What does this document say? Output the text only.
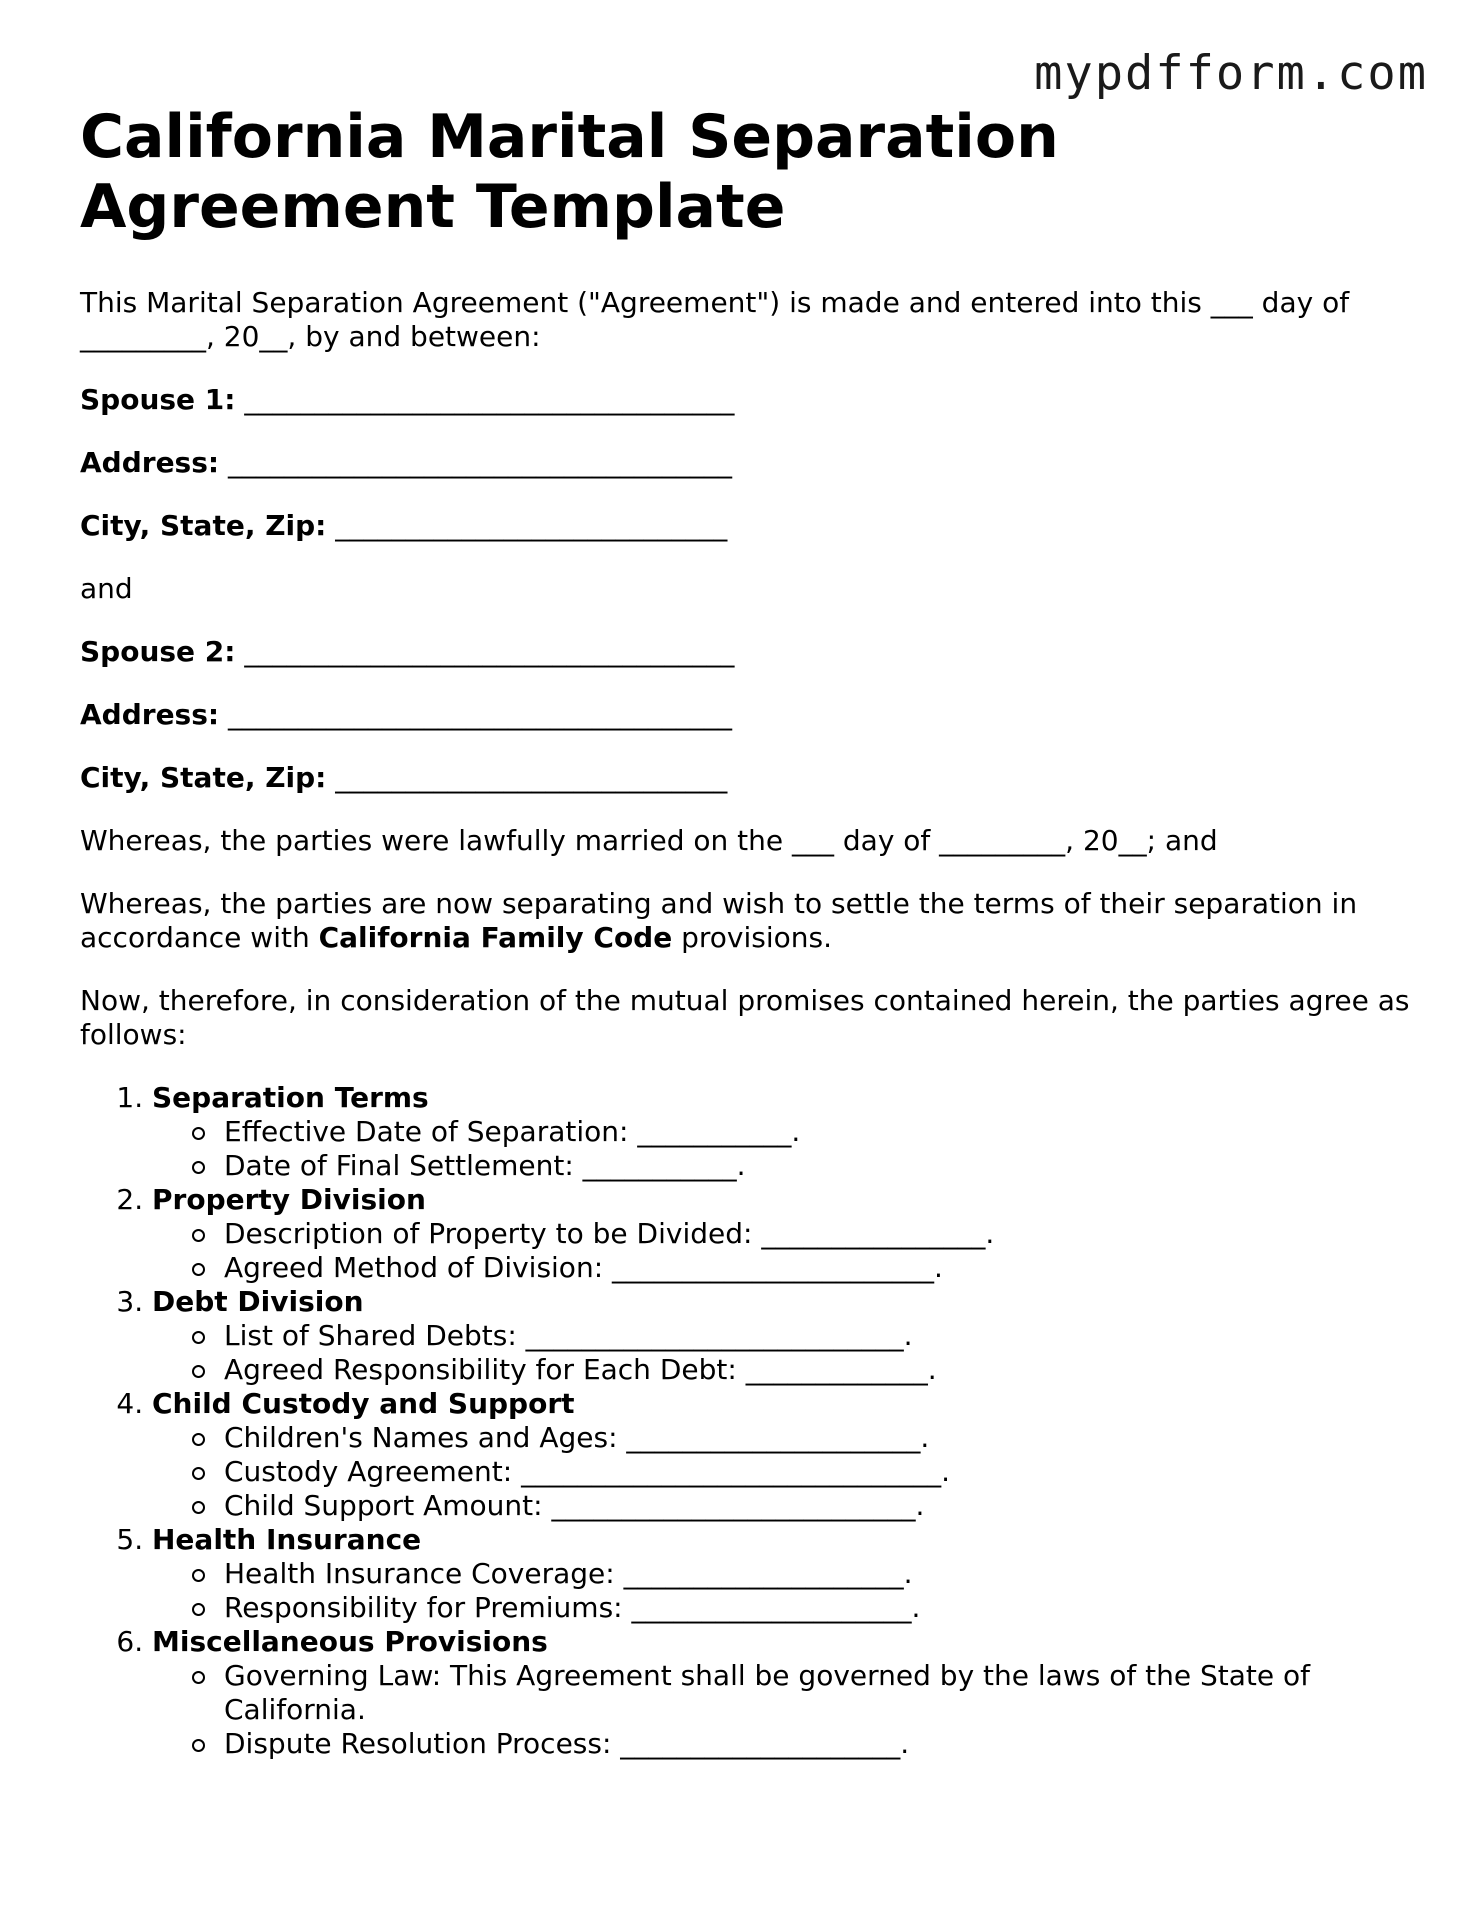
mypdfform.com
California Marital Separation Agreement Template

This Marital Separation Agreement ("Agreement") is made and entered into this ___ day of _________, 20__, by and between:

Spouse 1: ___________________________________

Address: ____________________________________

City, State, Zip: ____________________________

and

Spouse 2: ___________________________________

Address: ____________________________________

City, State, Zip: ____________________________

Whereas, the parties were lawfully married on the ___ day of _________, 20__; and

Whereas, the parties are now separating and wish to settle the terms of their separation in accordance with California Family Code provisions.

Now, therefore, in consideration of the mutual promises contained herein, the parties agree as follows:

1. Separation Terms
Effective Date of Separation: ___________.
Date of Final Settlement: ___________.
2. Property Division
Description of Property to be Divided: ________________.
Agreed Method of Division: _______________________.
3. Debt Division
List of Shared Debts: ___________________________.
Agreed Responsibility for Each Debt: _____________.
4. Child Custody and Support
Children's Names and Ages: _____________________.
Custody Agreement: ______________________________.
Child Support Amount: __________________________.
5. Health Insurance
Health Insurance Coverage: ____________________.
Responsibility for Premiums: ____________________.
6. Miscellaneous Provisions
Governing Law: This Agreement shall be governed by the laws of the State of California.
Dispute Resolution Process: ____________________.
